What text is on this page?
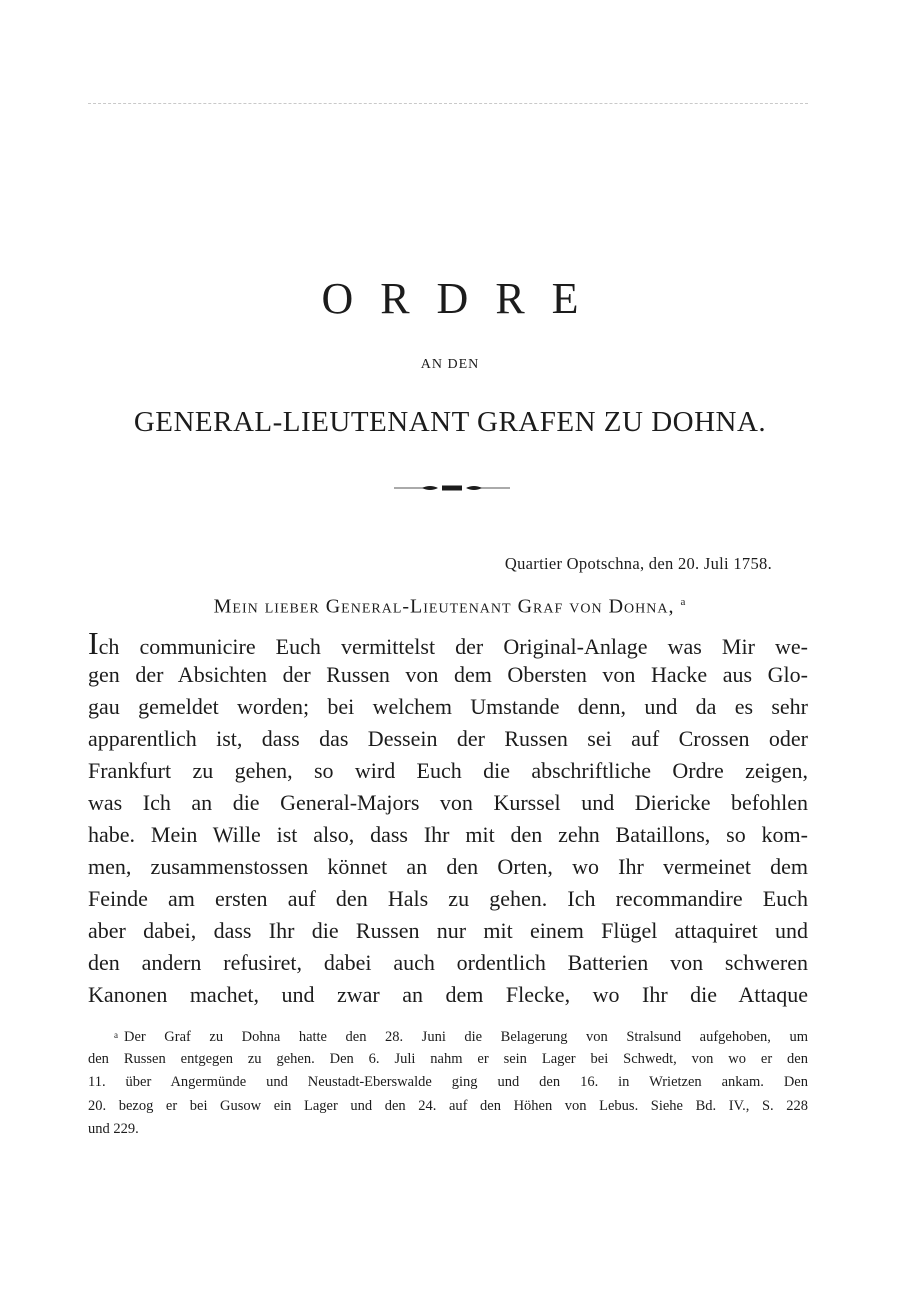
ORDRE
AN DEN
GENERAL-LIEUTENANT GRAFEN ZU DOHNA.
Quartier Opotschna, den 20. Juli 1758.
Mein lieber General-Lieutenant Graf von Dohna, $^a$
Ich communicire Euch vermittelst der Original-Anlage was Mir we-
gen der Absichten der Russen von dem Obersten von Hacke aus Glo-
gau gemeldet worden; bei welchem Umstande denn, und da es sehr
apparentlich ist, dass das Dessein der Russen sei auf Crossen oder
Frankfurt zu gehen, so wird Euch die abschriftliche Ordre zeigen,
was Ich an die General-Majors von Kurssel und Diericke befohlen
habe. Mein Wille ist also, dass Ihr mit den zehn Bataillons, so kom-
men, zusammenstossen könnet an den Orten, wo Ihr vermeinet dem
Feinde am ersten auf den Hals zu gehen. Ich recommandire Euch
aber dabei, dass Ihr die Russen nur mit einem Flügel attaquiret und
den andern refusiret, dabei auch ordentlich Batterien von schweren
Kanonen machet, und zwar an dem Flecke, wo Ihr die Attaque
$^a$ Der Graf zu Dohna hatte den 28. Juni die Belagerung von Stralsund aufgehoben, um
den Russen entgegen zu gehen. Den 6. Juli nahm er sein Lager bei Schwedt, von wo er den
11. über Angermünde und Neustadt-Eberswalde ging und den 16. in Wrietzen ankam. Den
20. bezog er bei Gusow ein Lager und den 24. auf den Höhen von Lebus. Siehe Bd. IV., S. 228
und 229.
